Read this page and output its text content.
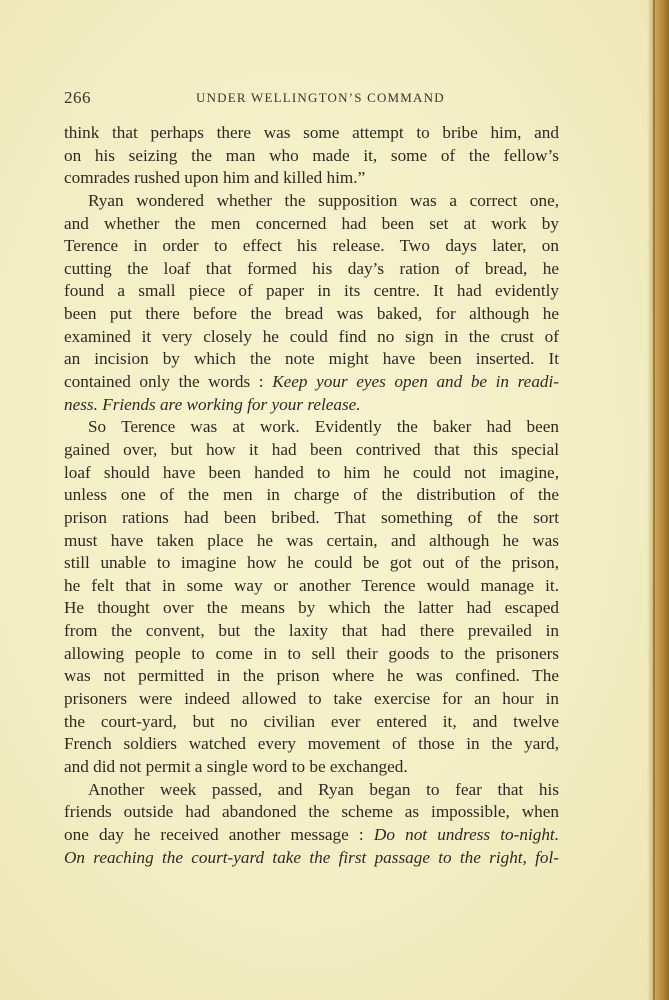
266	UNDER WELLINGTON’S COMMAND
think that perhaps there was some attempt to bribe him, and
on his seizing the man who made it, some of the fellow’s
comrades rushed upon him and killed him.”
Ryan wondered whether the supposition was a correct one,
and whether the men concerned had been set at work by
Terence in order to effect his release. Two days later, on
cutting the loaf that formed his day’s ration of bread, he
found a small piece of paper in its centre. It had evidently
been put there before the bread was baked, for although he
examined it very closely he could find no sign in the crust of
an incision by which the note might have been inserted. It
contained only the words : Keep your eyes open and be in readi-
ness. Friends are working for your release.
So Terence was at work. Evidently the baker had been
gained over, but how it had been contrived that this special
loaf should have been handed to him he could not imagine,
unless one of the men in charge of the distribution of the
prison rations had been bribed. That something of the sort
must have taken place he was certain, and although he was
still unable to imagine how he could be got out of the prison,
he felt that in some way or another Terence would manage it.
He thought over the means by which the latter had escaped
from the convent, but the laxity that had there prevailed in
allowing people to come in to sell their goods to the prisoners
was not permitted in the prison where he was confined. The
prisoners were indeed allowed to take exercise for an hour in
the court-yard, but no civilian ever entered it, and twelve
French soldiers watched every movement of those in the yard,
and did not permit a single word to be exchanged.
Another week passed, and Ryan began to fear that his
friends outside had abandoned the scheme as impossible, when
one day he received another message : Do not undress to-night.
On reaching the court-yard take the first passage to the right, fol-
